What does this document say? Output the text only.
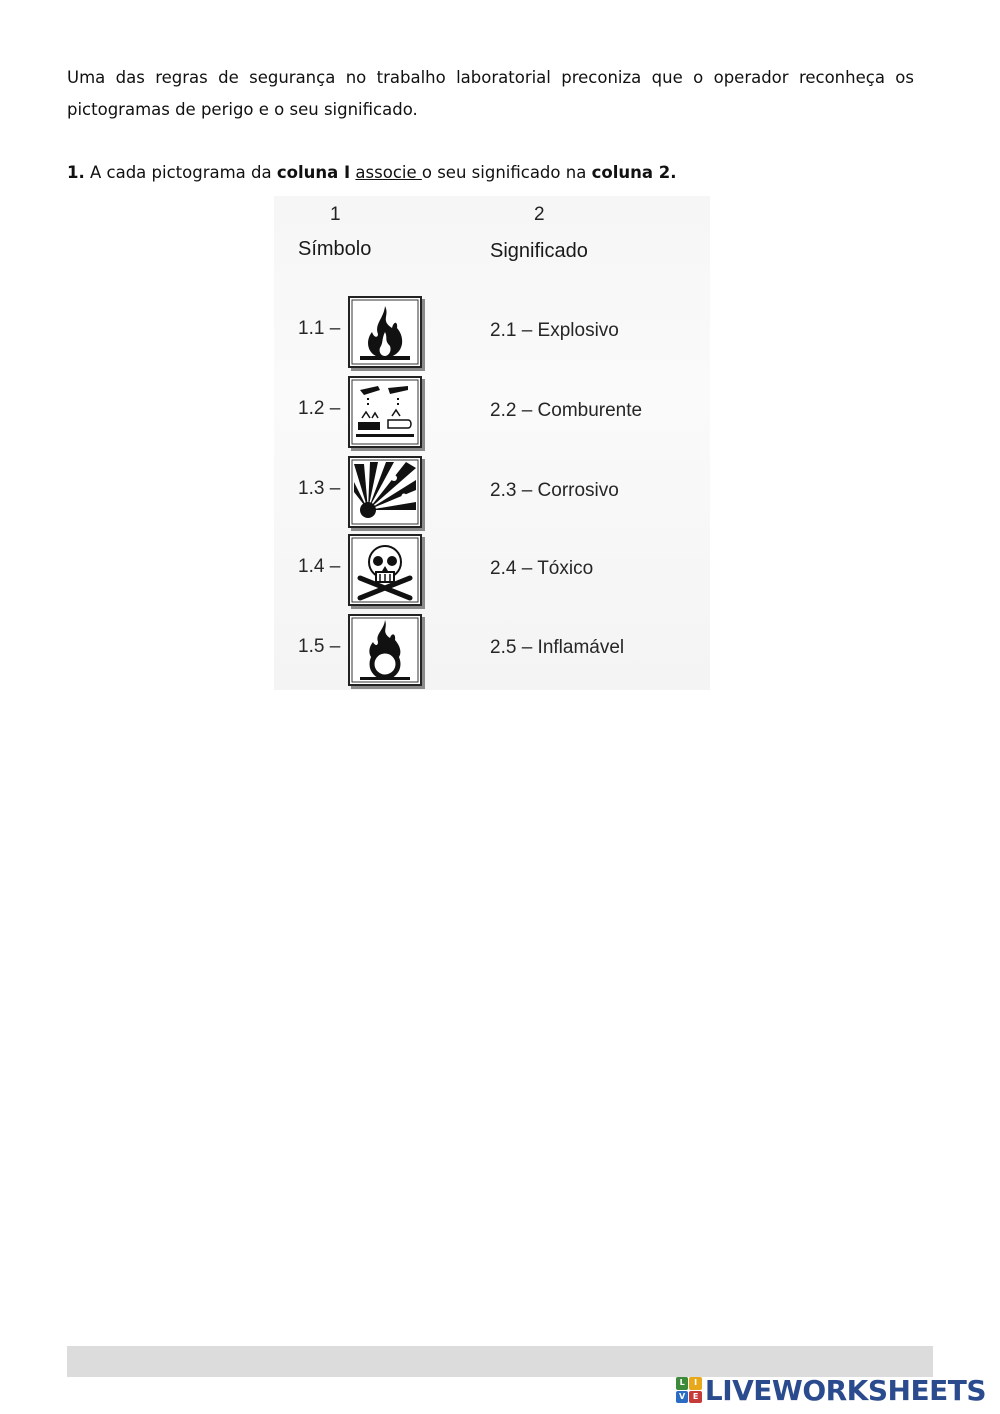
Uma das regras de segurança no trabalho laboratorial preconiza que o operador reconheça os pictogramas de perigo e o seu significado.

1. A cada pictograma da coluna I associe o seu significado na coluna 2.

1	2
Símbolo	Significado
1.1 –	2.1 – Explosivo
1.2 –	2.2 – Comburente
1.3 –	2.3 – Corrosivo
1.4 –	2.4 – Tóxico
1.5 –	2.5 – Inflamável
L	I
V E LIVEWORKSHEETS
